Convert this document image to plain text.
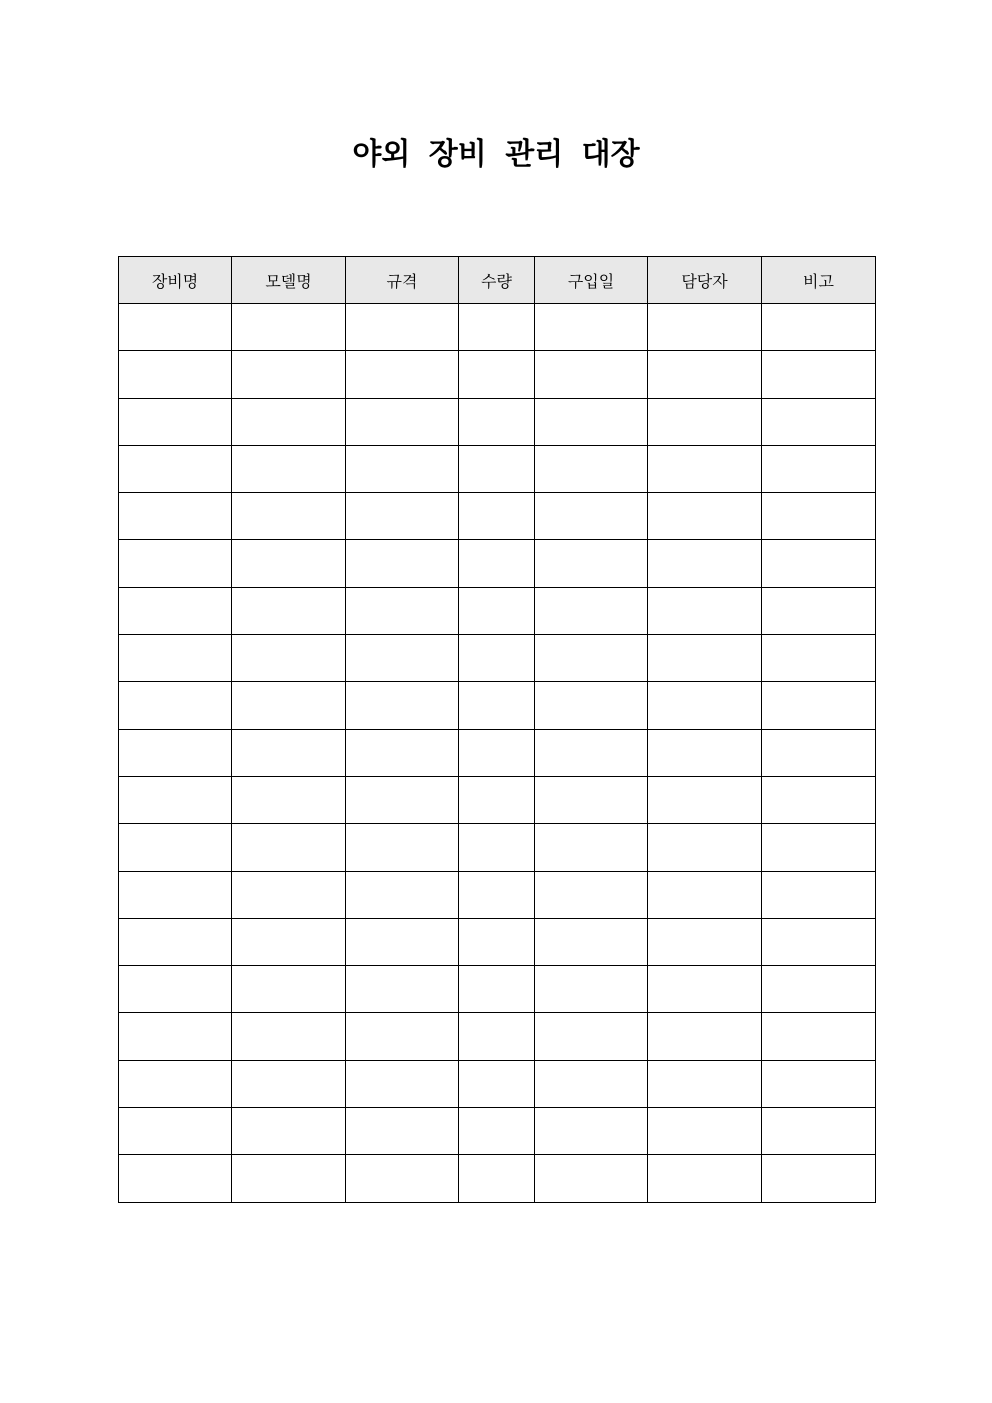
야외 장비 관리 대장
장비명	모델명	규격	수량	구입일	담당자	비고
